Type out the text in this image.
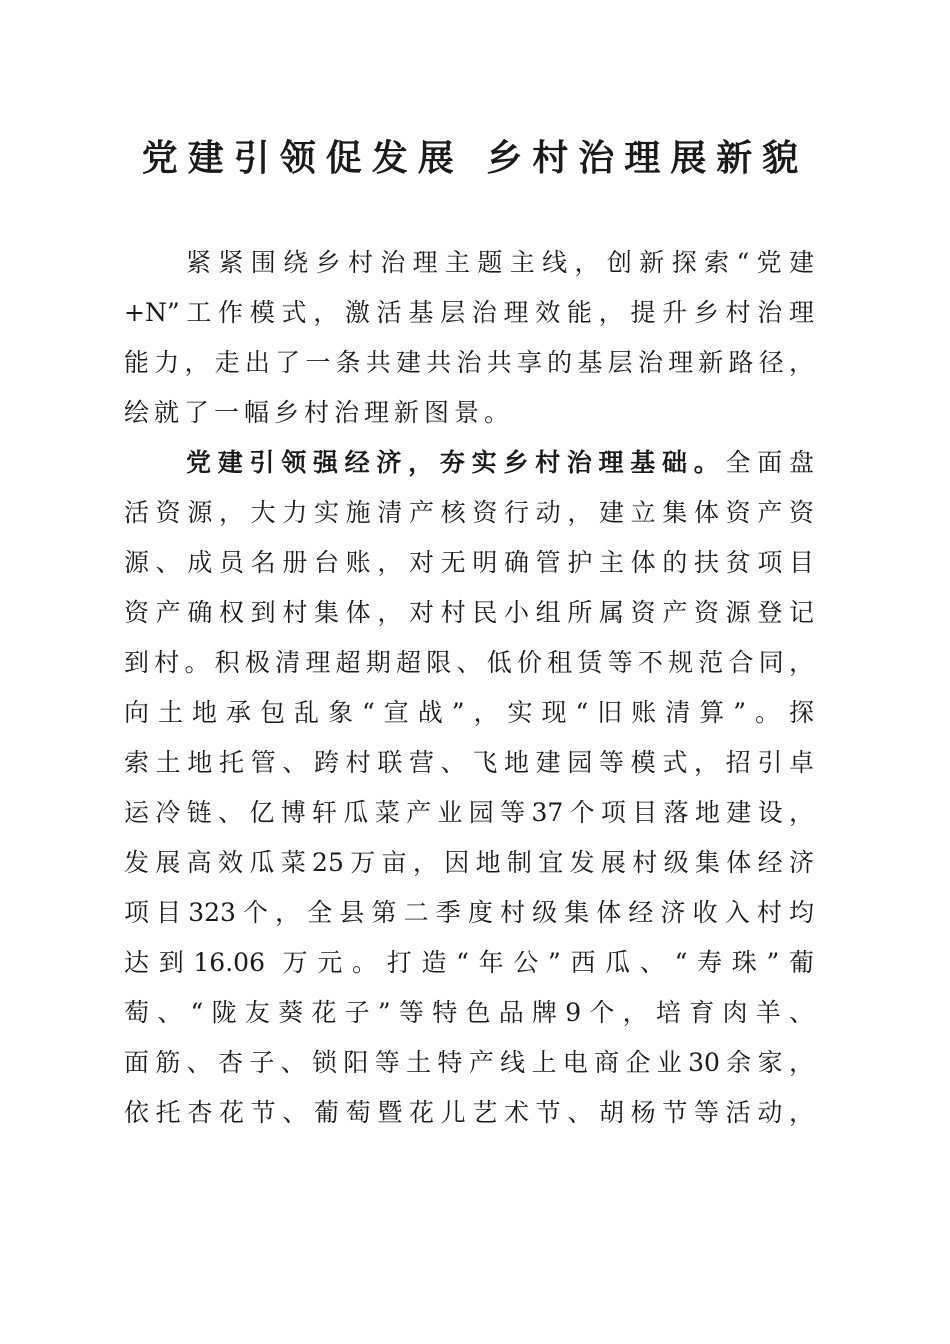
党建引领促发展 乡村治理展新貌

紧紧围绕乡村治理主题主线，创新探索“党建

+N”工作模式，激活基层治理效能，提升乡村治理

能力，走出了一条共建共治共享的基层治理新路径，

绘就了一幅乡村治理新图景。

党建引领强经济，夯实乡村治理基础。全面盘

活资源，大力实施清产核资行动，建立集体资产资

源、成员名册台账，对无明确管护主体的扶贫项目

资产确权到村集体，对村民小组所属资产资源登记

到村。积极清理超期超限、低价租赁等不规范合同，

向土地承包乱象“宣战”，实现“旧账清算”。探

索土地托管、跨村联营、飞地建园等模式，招引卓

运冷链、亿博轩瓜菜产业园等37个项目落地建设，

发展高效瓜菜25万亩，因地制宜发展村级集体经济

项目323个，全县第二季度村级集体经济收入村均

达到16.06 万元。打造“年公”西瓜、“寿珠”葡

萄、“陇友葵花子”等特色品牌9个，培育肉羊、

面筋、杏子、锁阳等土特产线上电商企业30余家，

依托杏花节、葡萄暨花儿艺术节、胡杨节等活动，
